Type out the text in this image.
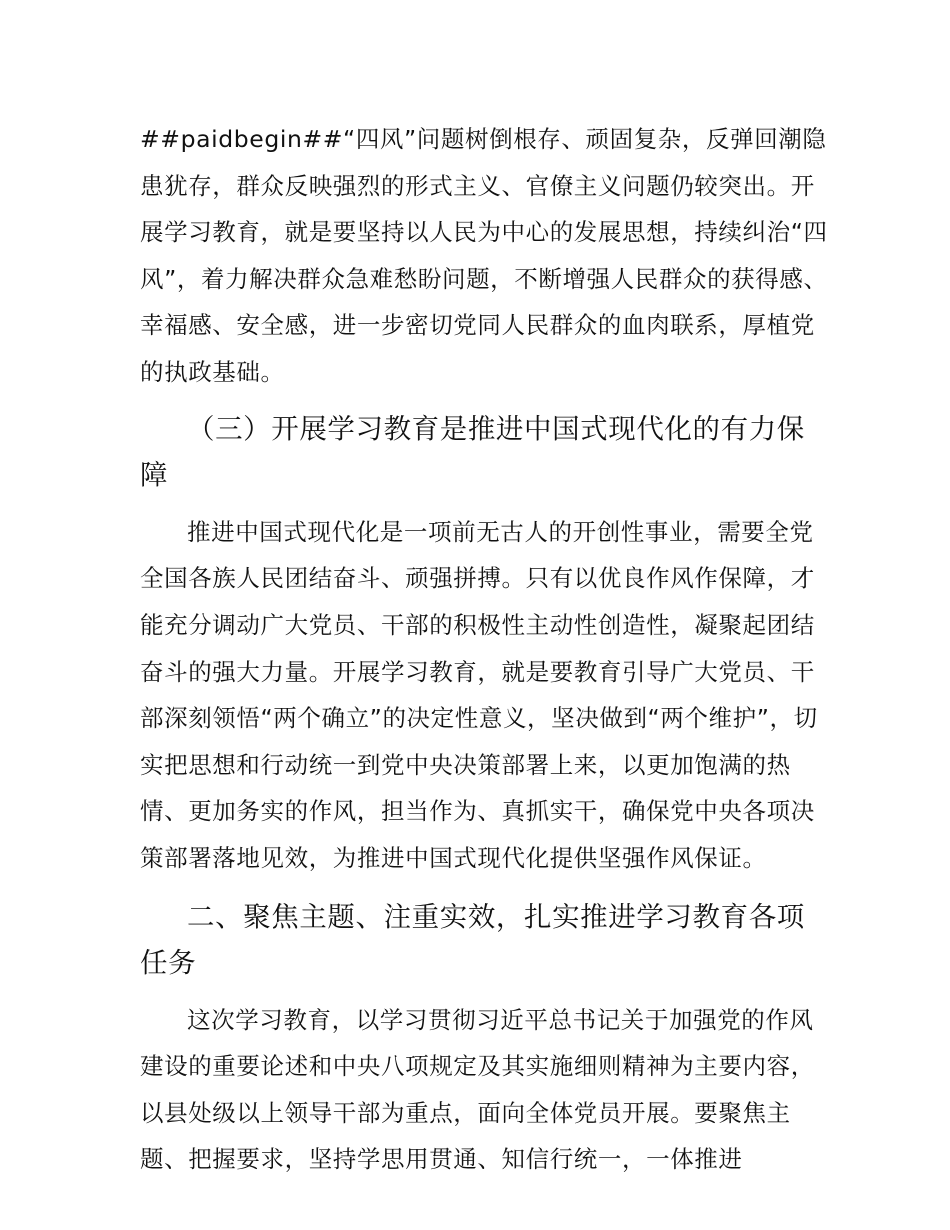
##paidbegin##“四风”问题树倒根存、顽固复杂，反弹回潮隐患犹存，群众反映强烈的形式主义、官僚主义问题仍较突出。开展学习教育，就是要坚持以人民为中心的发展思想，持续纠治“四风”，着力解决群众急难愁盼问题，不断增强人民群众的获得感、幸福感、安全感，进一步密切党同人民群众的血肉联系，厚植党的执政基础。

（三）开展学习教育是推进中国式现代化的有力保障

推进中国式现代化是一项前无古人的开创性事业，需要全党全国各族人民团结奋斗、顽强拼搏。只有以优良作风作保障，才能充分调动广大党员、干部的积极性主动性创造性，凝聚起团结奋斗的强大力量。开展学习教育，就是要教育引导广大党员、干部深刻领悟“两个确立”的决定性意义，坚决做到“两个维护”，切实把思想和行动统一到党中央决策部署上来，以更加饱满的热情、更加务实的作风，担当作为、真抓实干，确保党中央各项决策部署落地见效，为推进中国式现代化提供坚强作风保证。

二、聚焦主题、注重实效，扎实推进学习教育各项任务

这次学习教育，以学习贯彻习近平总书记关于加强党的作风建设的重要论述和中央八项规定及其实施细则精神为主要内容，以县处级以上领导干部为重点，面向全体党员开展。要聚焦主题、把握要求，坚持学思用贯通、知信行统一，一体推进
